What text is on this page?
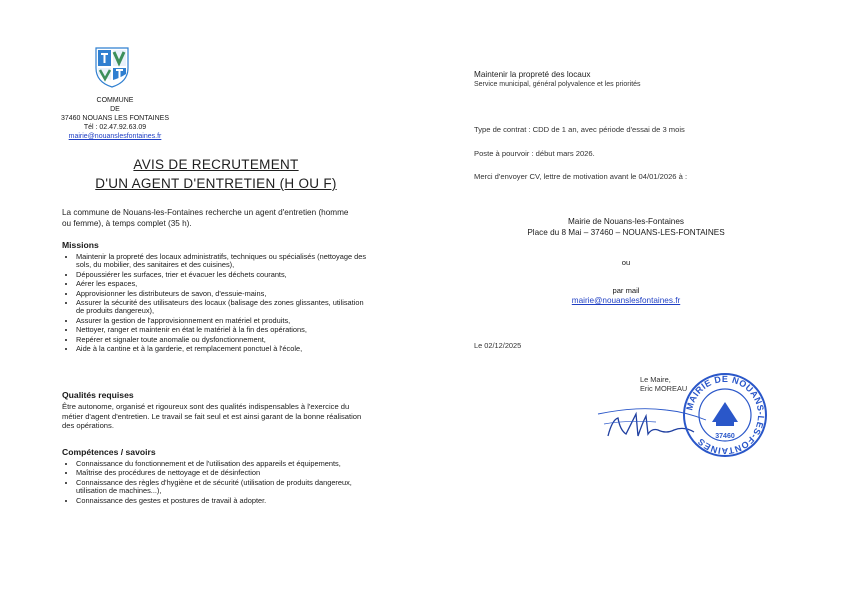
COMMUNE
DE
37460 NOUANS LES FONTAINES
Tél : 02.47.92.63.09
mairie@nouanslesfontaines.fr
AVIS DE RECRUTEMENT
D'UN AGENT D'ENTRETIEN (H OU F)
La commune de Nouans-les-Fontaines recherche un agent d'entretien (homme ou femme), à temps complet (35 h).
Missions
• Maintenir la propreté des locaux administratifs, techniques ou spécialisés (nettoyage des sols, du mobilier, des sanitaires et des cuisines),
• Dépoussiérer les surfaces, trier et évacuer les déchets courants,
• Aérer les espaces,
• Approvisionner les distributeurs de savon, d'essuie-mains,
• Assurer la sécurité des utilisateurs des locaux (balisage des zones glissantes, utilisation de produits dangereux),
• Assurer la gestion de l'approvisionnement en matériel et produits,
• Nettoyer, ranger et maintenir en état le matériel à la fin des opérations,
• Repérer et signaler toute anomalie ou dysfonctionnement,
• Aide à la cantine et à la garderie, et remplacement ponctuel à l'école,
Qualités requises
Être autonome, organisé et rigoureux sont des qualités indispensables à l'exercice du métier d'agent d'entretien. Le travail se fait seul et est ainsi garant de la bonne réalisation des opérations.
Compétences / savoirs
• Connaissance du fonctionnement et de l'utilisation des appareils et équipements,
• Maîtrise des procédures de nettoyage et de désinfection
• Connaissance des règles d'hygiène et de sécurité (utilisation de produits dangereux, utilisation de machines...),
• Connaissance des gestes et postures de travail à adopter.
Maintenir la propreté des locaux
Service municipal, général polyvalence et les priorités
Type de contrat : CDD de 1 an, avec période d'essai de 3 mois
Poste à pourvoir : début mars 2026.
Merci d'envoyer CV, lettre de motivation avant le 04/01/2026 à :
Mairie de Nouans-les-Fontaines
Place du 8 Mai – 37460 – NOUANS-LES-FONTAINES
ou
par mail
mairie@nouanslesfontaines.fr
Le 02/12/2025
Le Maire,
Eric MOREAU
MAIRIE DE NOUANS-LES-FONTAINES	37460
